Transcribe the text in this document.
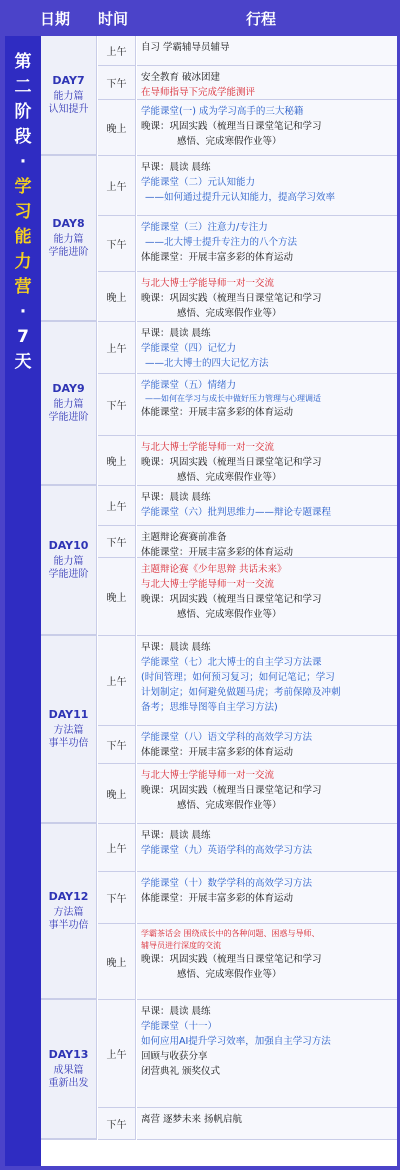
日期 时间	行程
第
二
阶
段
·
学
习
能
力
营
·
7
天
DAY7
能力篇
认知提升
上午	自习 学霸辅导员辅导
下午
安全教育 破冰团建
在导师指导下完成学能测评
晚上
学能课堂(一) 成为学习高手的三大秘籍
晚课：巩固实践（梳理当日课堂笔记和学习
感悟、完成寒假作业等）
DAY8
能力篇
学能进阶
上午
早课：晨读 晨练
学能课堂（二）元认知能力
——如何通过提升元认知能力，提高学习效率
下午
学能课堂（三）注意力/专注力
——北大博士提升专注力的八个方法
体能课堂：开展丰富多彩的体育运动
晚上
与北大博士学能导师一对一交流
晚课：巩固实践（梳理当日课堂笔记和学习
感悟、完成寒假作业等）
DAY9
能力篇
学能进阶
上午
早课：晨读 晨练
学能课堂（四）记忆力
——北大博士的四大记忆方法
下午
学能课堂（五）情绪力
——如何在学习与成长中做好压力管理与心理调适
体能课堂：开展丰富多彩的体育运动
晚上
与北大博士学能导师一对一交流
晚课：巩固实践（梳理当日课堂笔记和学习
感悟、完成寒假作业等）
DAY10
能力篇
学能进阶
上午
早课：晨读 晨练
学能课堂（六）批判思维力——辩论专题课程
下午
主题辩论赛赛前准备
体能课堂：开展丰富多彩的体育运动
晚上
主题辩论赛《少年思辩 共话未来》
与北大博士学能导师一对一交流
晚课：巩固实践（梳理当日课堂笔记和学习
感悟、完成寒假作业等）
DAY11
方法篇
事半功倍
上午
早课：晨读 晨练
学能课堂（七）北大博士的自主学习方法课
(时间管理；如何预习复习；如何记笔记；学习
计划制定；如何避免做题马虎；考前保障及冲刺
备考；思维导图等自主学习方法)
下午
学能课堂（八）语文学科的高效学习方法
体能课堂：开展丰富多彩的体育运动
晚上
与北大博士学能导师一对一交流
晚课：巩固实践（梳理当日课堂笔记和学习
感悟、完成寒假作业等）
DAY12
方法篇
事半功倍
上午
早课：晨读 晨练
学能课堂（九）英语学科的高效学习方法
下午
学能课堂（十）数学学科的高效学习方法
体能课堂：开展丰富多彩的体育运动
晚上
学霸茶话会 围绕成长中的各种问题、困惑与导师、
辅导员进行深度的交流
晚课：巩固实践（梳理当日课堂笔记和学习
感悟、完成寒假作业等）
DAY13
成果篇
重新出发
上午
早课：晨读 晨练
学能课堂（十一）
如何应用AI提升学习效率，加强自主学习方法
回顾与收获分享
闭营典礼 颁奖仪式
下午
离营 逐梦未来 扬帆启航
